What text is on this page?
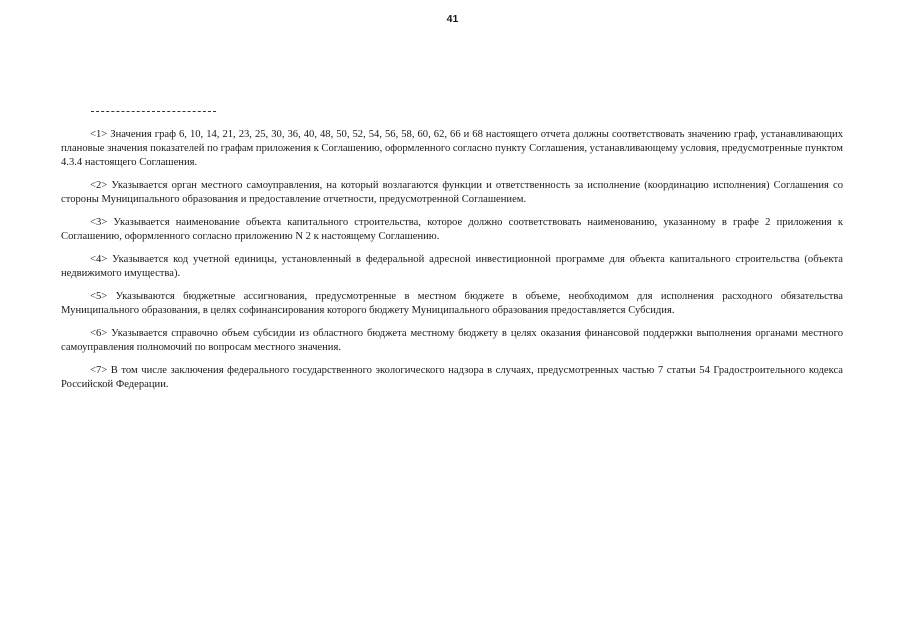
41

<1> Значения граф 6, 10, 14, 21, 23, 25, 30, 36, 40, 48, 50, 52, 54, 56, 58, 60, 62, 66 и 68 настоящего отчета должны соответствовать значению граф, устанавливающих плановые значения показателей по графам приложения к Соглашению, оформленного согласно пункту Соглашения, устанавливающему условия, предусмотренные пунктом 4.3.4 настоящего Соглашения.

<2> Указывается орган местного самоуправления, на который возлагаются функции и ответственность за исполнение (координацию исполнения) Соглашения со стороны Муниципального образования и предоставление отчетности, предусмотренной Соглашением.

<3> Указывается наименование объекта капитального строительства, которое должно соответствовать наименованию, указанному в графе 2 приложения к Соглашению, оформленного согласно приложению N 2 к настоящему Соглашению.

<4> Указывается код учетной единицы, установленный в федеральной адресной инвестиционной программе для объекта капитального строительства (объекта недвижимого имущества).

<5> Указываются бюджетные ассигнования, предусмотренные в местном бюджете в объеме, необходимом для исполнения расходного обязательства Муниципального образования, в целях софинансирования которого бюджету Муниципального образования предоставляется Субсидия.

<6> Указывается справочно объем субсидии из областного бюджета местному бюджету в целях оказания финансовой поддержки выполнения органами местного самоуправления полномочий по вопросам местного значения.

<7> В том числе заключения федерального государственного экологического надзора в случаях, предусмотренных частью 7 статьи 54 Градостроительного кодекса Российской Федерации.
